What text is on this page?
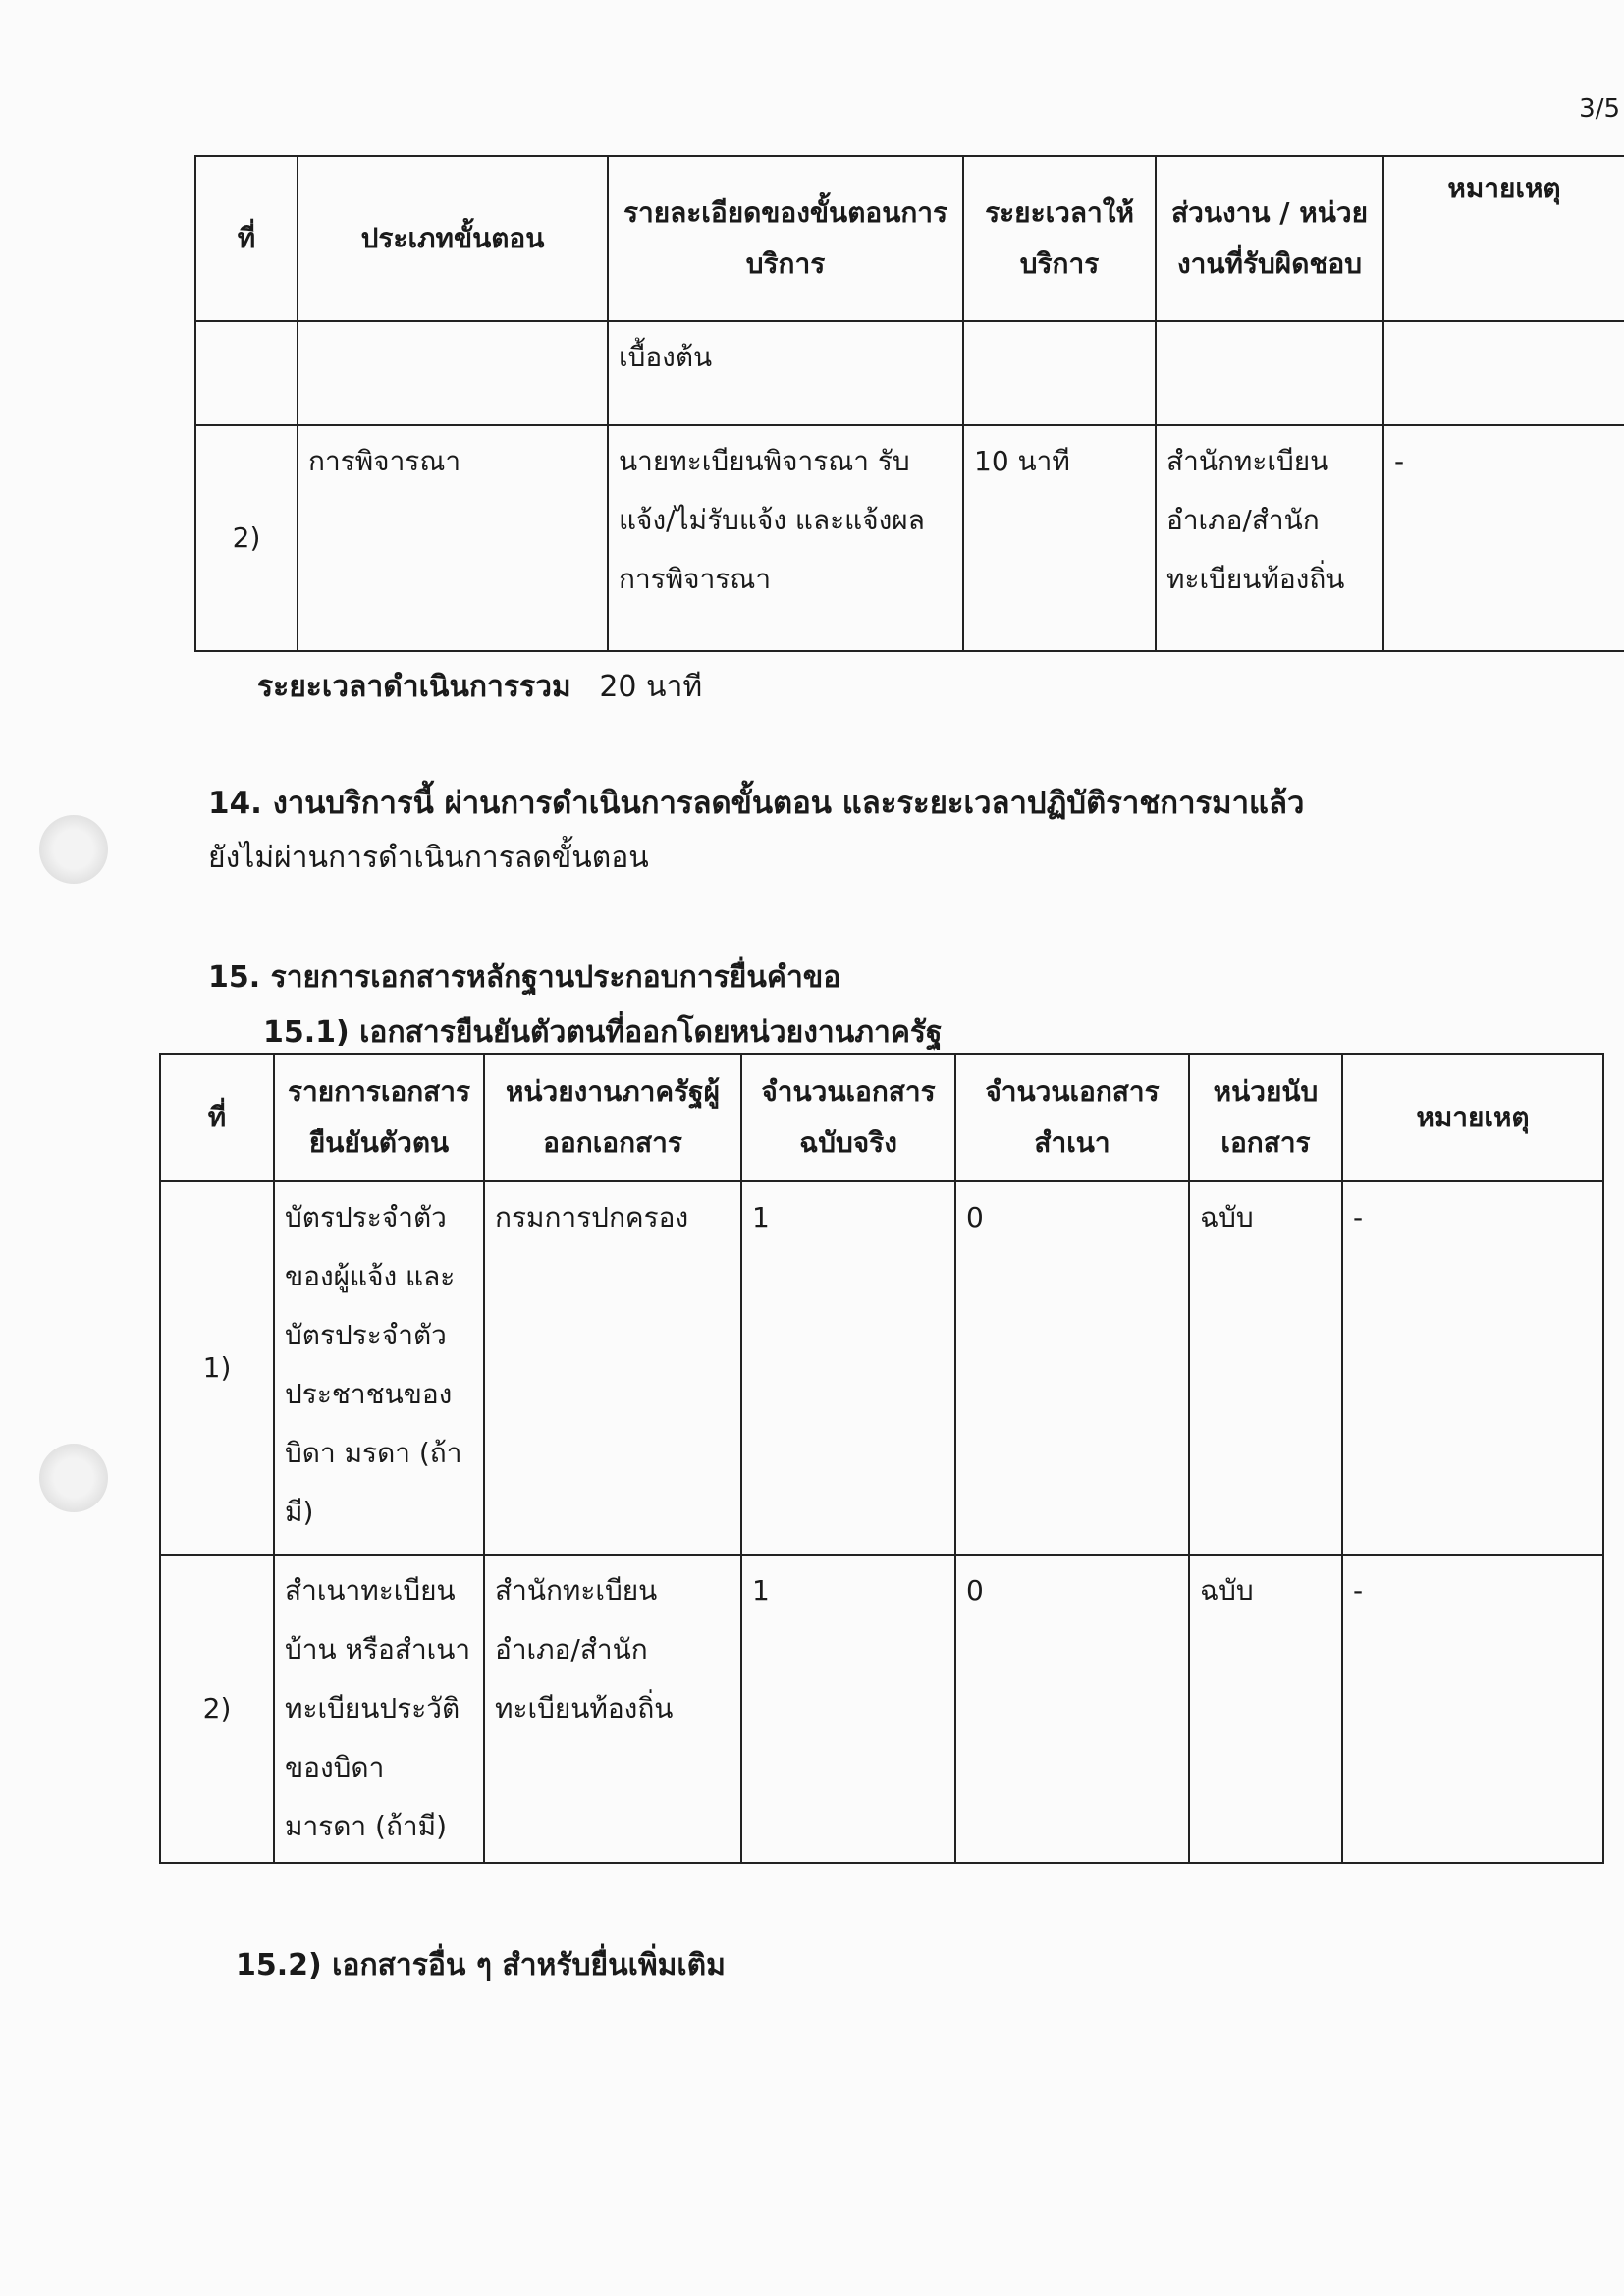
3/5
ที่	ประเภทขั้นตอน	รายละเอียดของขั้นตอนการบริการ	ระยะเวลาให้บริการ	ส่วนงาน / หน่วยงานที่รับผิดชอบ	หมายเหตุ
		เบื้องต้น			
2)	การพิจารณา	นายทะเบียนพิจารณา รับแจ้ง/ไม่รับแจ้ง และแจ้งผลการพิจารณา	10 นาที	สำนักทะเบียนอำเภอ/สำนักทะเบียนท้องถิ่น	-
ระยะเวลาดำเนินการรวม 20 นาที
14. งานบริการนี้ ผ่านการดำเนินการลดขั้นตอน และระยะเวลาปฏิบัติราชการมาแล้ว
ยังไม่ผ่านการดำเนินการลดขั้นตอน
15. รายการเอกสารหลักฐานประกอบการยื่นคำขอ
15.1) เอกสารยืนยันตัวตนที่ออกโดยหน่วยงานภาครัฐ
ที่	รายการเอกสารยืนยันตัวตน	หน่วยงานภาครัฐผู้ออกเอกสาร	จำนวนเอกสารฉบับจริง	จำนวนเอกสารสำเนา	หน่วยนับเอกสาร	หมายเหตุ
1)	บัตรประจำตัวของผู้แจ้ง และบัตรประจำตัวประชาชนของบิดา มรดา (ถ้ามี)	กรมการปกครอง	1	0	ฉบับ	-
2)	สำเนาทะเบียนบ้าน หรือสำเนาทะเบียนประวัติของบิดา มารดา (ถ้ามี)	สำนักทะเบียนอำเภอ/สำนักทะเบียนท้องถิ่น	1	0	ฉบับ	-
15.2) เอกสารอื่น ๆ สำหรับยื่นเพิ่มเติม
